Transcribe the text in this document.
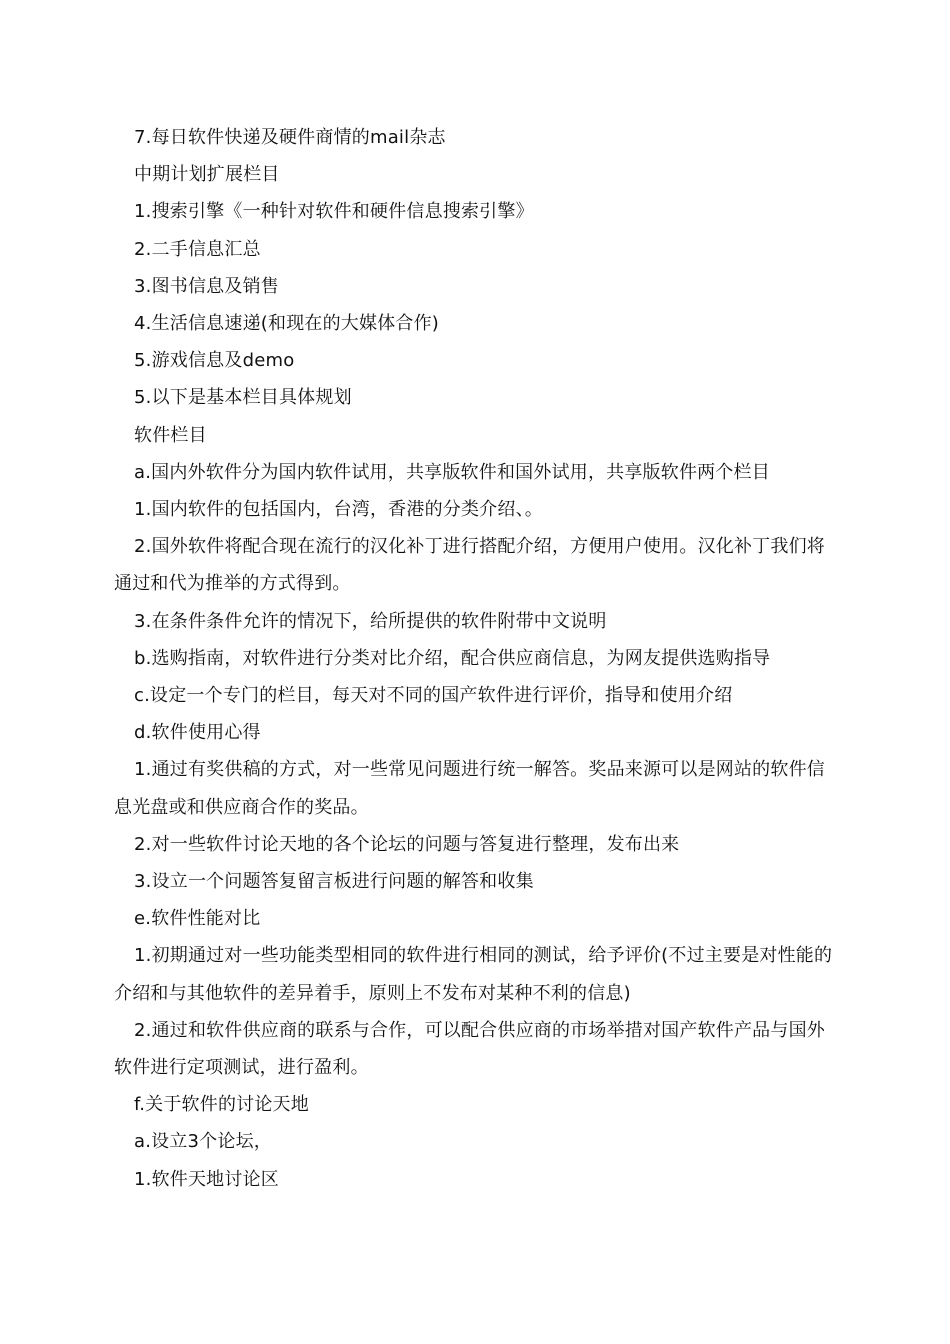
7.每日软件快递及硬件商情的mail杂志

中期计划扩展栏目

1.搜索引擎《一种针对软件和硬件信息搜索引擎》

2.二手信息汇总

3.图书信息及销售

4.生活信息速递(和现在的大媒体合作)

5.游戏信息及demo

5.以下是基本栏目具体规划

软件栏目

a.国内外软件分为国内软件试用，共享版软件和国外试用，共享版软件两个栏目

1.国内软件的包括国内，台湾，香港的分类介绍、。

2.国外软件将配合现在流行的汉化补丁进行搭配介绍，方便用户使用。汉化补丁我们将通过和代为推举的方式得到。

3.在条件条件允许的情况下，给所提供的软件附带中文说明

b.选购指南，对软件进行分类对比介绍，配合供应商信息，为网友提供选购指导

c.设定一个专门的栏目，每天对不同的国产软件进行评价，指导和使用介绍

d.软件使用心得

1.通过有奖供稿的方式，对一些常见问题进行统一解答。奖品来源可以是网站的软件信息光盘或和供应商合作的奖品。

2.对一些软件讨论天地的各个论坛的问题与答复进行整理，发布出来

3.设立一个问题答复留言板进行问题的解答和收集

e.软件性能对比

1.初期通过对一些功能类型相同的软件进行相同的测试，给予评价(不过主要是对性能的介绍和与其他软件的差异着手，原则上不发布对某种不利的信息)

2.通过和软件供应商的联系与合作，可以配合供应商的市场举措对国产软件产品与国外软件进行定项测试，进行盈利。

f.关于软件的讨论天地

a.设立3个论坛，

1.软件天地讨论区
